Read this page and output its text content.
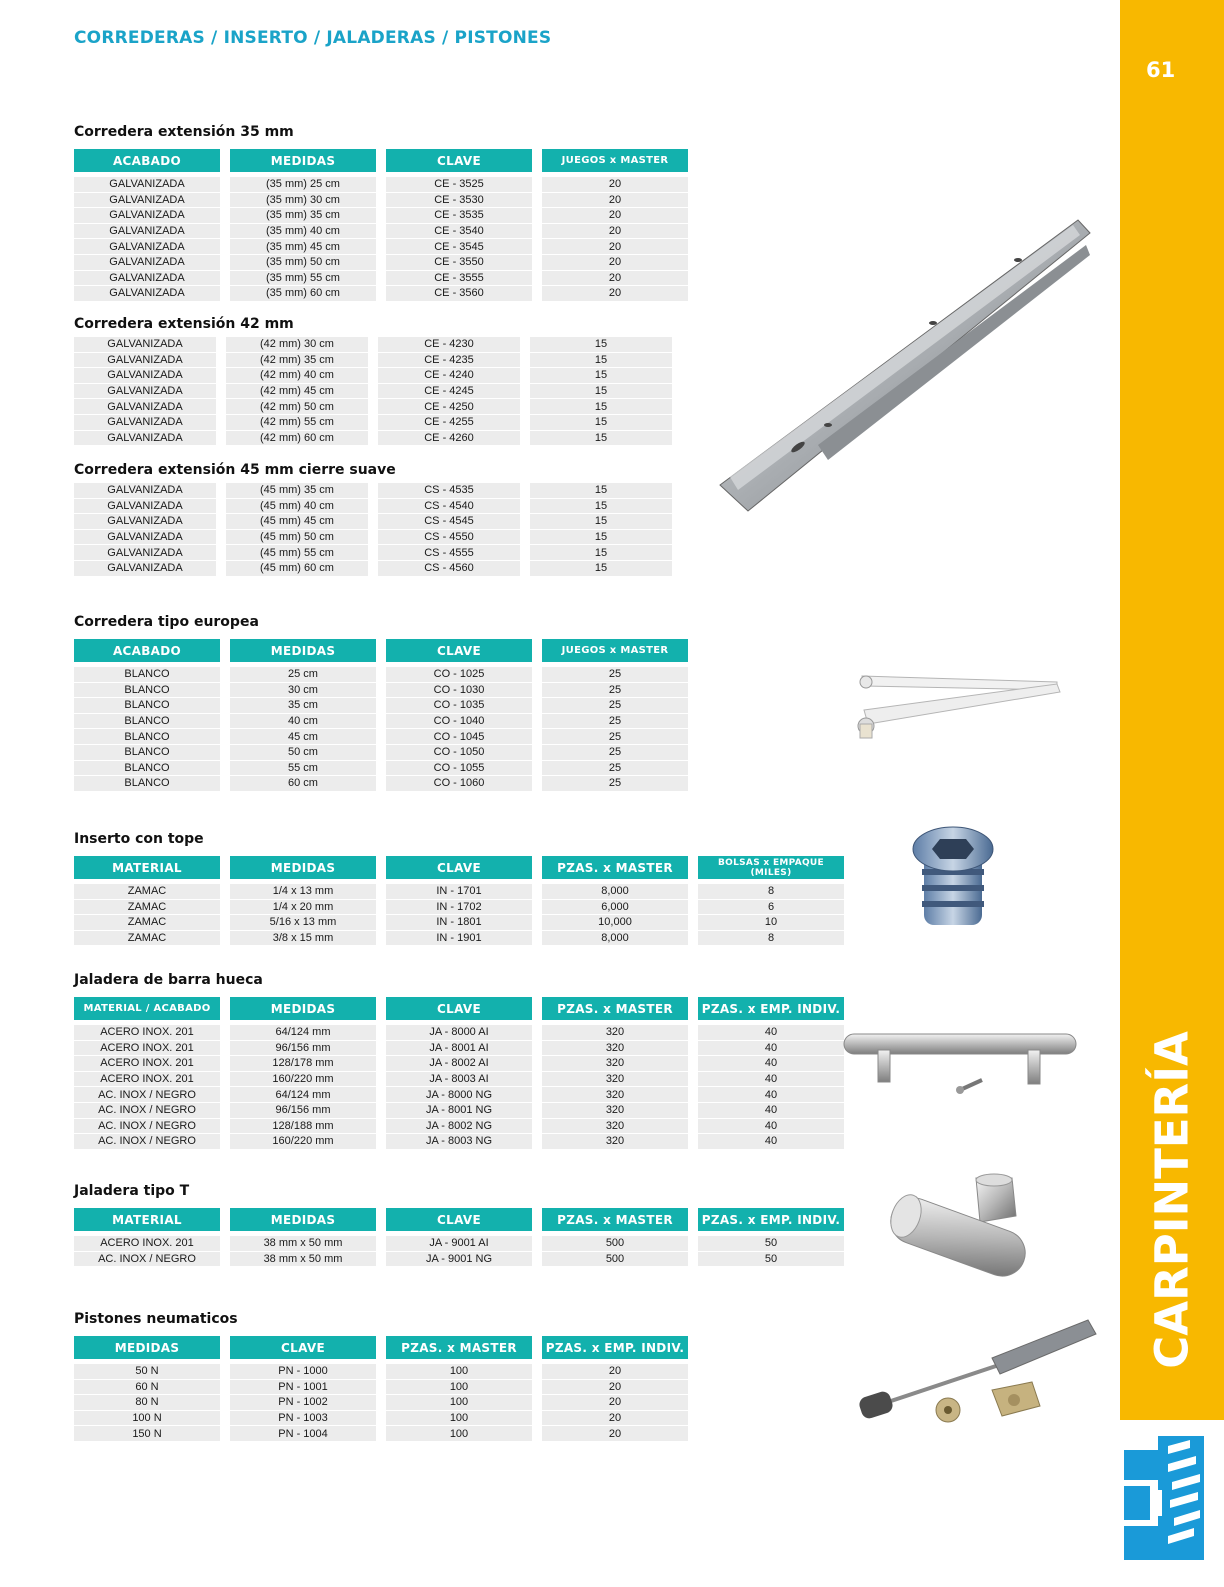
CORREDERAS / INSERTO / JALADERAS / PISTONES
61
CARPINTERÍA
Corredera extensión 35 mm

ACABADO	MEDIDAS	CLAVE	JUEGOS x MASTER

GALVANIZADA	(35 mm) 25 cm	CE - 3525	20
GALVANIZADA	(35 mm) 30 cm	CE - 3530	20
GALVANIZADA	(35 mm) 35 cm	CE - 3535	20
GALVANIZADA	(35 mm) 40 cm	CE - 3540	20
GALVANIZADA	(35 mm) 45 cm	CE - 3545	20
GALVANIZADA	(35 mm) 50 cm	CE - 3550	20
GALVANIZADA	(35 mm) 55 cm	CE - 3555	20
GALVANIZADA	(35 mm) 60 cm	CE - 3560	20
Corredera extensión 42 mm
GALVANIZADA	(42 mm) 30 cm	CE - 4230	15
GALVANIZADA	(42 mm) 35 cm	CE - 4235	15
GALVANIZADA	(42 mm) 40 cm	CE - 4240	15
GALVANIZADA	(42 mm) 45 cm	CE - 4245	15
GALVANIZADA	(42 mm) 50 cm	CE - 4250	15
GALVANIZADA	(42 mm) 55 cm	CE - 4255	15
GALVANIZADA	(42 mm) 60 cm	CE - 4260	15
Corredera extensión 45 mm cierre suave
GALVANIZADA	(45 mm) 35 cm	CS - 4535	15
GALVANIZADA	(45 mm) 40 cm	CS - 4540	15
GALVANIZADA	(45 mm) 45 cm	CS - 4545	15
GALVANIZADA	(45 mm) 50 cm	CS - 4550	15
GALVANIZADA	(45 mm) 55 cm	CS - 4555	15
GALVANIZADA	(45 mm) 60 cm	CS - 4560	15
Corredera tipo europea

ACABADO	MEDIDAS	CLAVE	JUEGOS x MASTER

BLANCO	25 cm	CO - 1025	25
BLANCO	30 cm	CO - 1030	25
BLANCO	35 cm	CO - 1035	25
BLANCO	40 cm	CO - 1040	25
BLANCO	45 cm	CO - 1045	25
BLANCO	50 cm	CO - 1050	25
BLANCO	55 cm	CO - 1055	25
BLANCO	60 cm	CO - 1060	25
Inserto con tope

MATERIAL	MEDIDAS	CLAVE	PZAS. x MASTER	BOLSAS x EMPAQUE (MILES)

ZAMAC	1/4 x 13 mm	IN - 1701	8,000	8
ZAMAC	1/4 x 20 mm	IN - 1702	6,000	6
ZAMAC	5/16 x 13 mm	IN - 1801	10,000	10
ZAMAC	3/8 x 15 mm	IN - 1901	8,000	8
Jaladera de barra hueca

MATERIAL / ACABADO	MEDIDAS	CLAVE	PZAS. x MASTER	PZAS. x EMP. INDIV.

ACERO INOX. 201	64/124 mm	JA - 8000 AI	320	40
ACERO INOX. 201	96/156 mm	JA - 8001 AI	320	40
ACERO INOX. 201	128/178 mm	JA - 8002 AI	320	40
ACERO INOX. 201	160/220 mm	JA - 8003 AI	320	40
AC. INOX / NEGRO	64/124 mm	JA - 8000 NG	320	40
AC. INOX / NEGRO	96/156 mm	JA - 8001 NG	320	40
AC. INOX / NEGRO	128/188 mm	JA - 8002 NG	320	40
AC. INOX / NEGRO	160/220 mm	JA - 8003 NG	320	40
Jaladera tipo T

MATERIAL	MEDIDAS	CLAVE	PZAS. x MASTER	PZAS. x EMP. INDIV.

ACERO INOX. 201	38 mm x 50 mm	JA - 9001 AI	500	50
AC. INOX / NEGRO	38 mm x 50 mm	JA - 9001 NG	500	50
Pistones neumaticos

MEDIDAS	CLAVE	PZAS. x MASTER	PZAS. x EMP. INDIV.

50 N	PN - 1000	100	20
60 N	PN - 1001	100	20
80 N	PN - 1002	100	20
100 N	PN - 1003	100	20
150 N	PN - 1004	100	20
